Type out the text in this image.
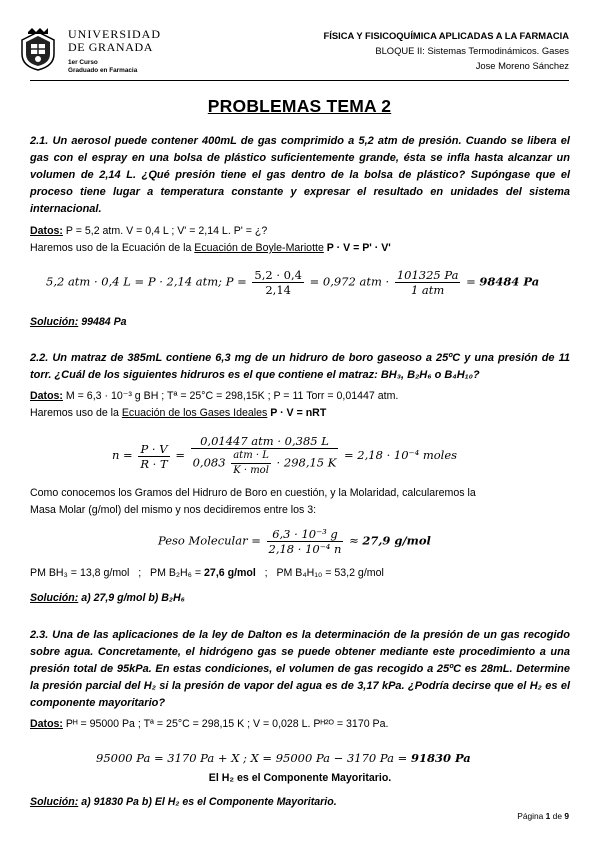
UNIVERSIDAD
DE GRANADA
1er Curso
Graduado en Farmacia
FÍSICA Y FISICOQUÍMICA APLICADAS A LA FARMACIA
BLOQUE II: Sistemas Termodinámicos. Gases
Jose Moreno Sánchez
PROBLEMAS TEMA 2
2.1. Un aerosol puede contener 400mL de gas comprimido a 5,2 atm de presión. Cuando se libera el gas con el espray en una bolsa de plástico suficientemente grande, ésta se infla hasta alcanzar un volumen de 2,14 L. ¿Qué presión tiene el gas dentro de la bolsa de plástico? Supóngase que el proceso tiene lugar a temperatura constante y expresar el resultado en unidades del sistema internacional.
Datos: P = 5,2 atm. V = 0,4 L ; V' = 2,14 L. P' = ¿?
Haremos uso de la Ecuación de la Ecuación de Boyle-Mariotte P · V = P' · V'
5,2 atm · 0,4 L = P · 2,14 atm; $P = \frac{5,2 \cdot 0,4}{2,14} = 0,972$ atm · $\frac{101325 Pa}{\text{1 atm}} = 98484$ Pa
Solución: 99484 Pa
2.2. Un matraz de 385mL contiene 6,3 mg de un hidruro de boro gaseoso a 25ºC y una presión de 11 torr. ¿Cuál de los siguientes hidruros es el que contiene el matraz: BH₃, B₂H₆ o B₄H₁₀?
Datos: M = 6,3 · 10⁻³ g BH ; Tª = 25°C = 298,15K ; P = 11 Torr = 0,01447 atm.
Haremos uso de la Ecuación de los Gases Ideales P · V = nRT
$n = \frac{P \cdot V}{R \cdot T} = \frac{\text{0,01447 atm · 0,385 L}}{0,083 \frac{\text{atm · L}}{\text{K · mol}} \cdot 298,15 K} = 2,18 \cdot 10^{-4}$ moles
Como conocemos los Gramos del Hidruro de Boro en cuestión, y la Molaridad, calcularemos la
Masa Molar (g/mol) del mismo y nos decidiremos entre los 3:
Peso Molecular = $\frac{\text{6,3 · 10⁻³ g}}{\text{2,18 · 10⁻⁴ n}} \approx 27,9$ g/mol
PM BH₃ = 13,8 g/mol   ;   PM B₂H₆ = 27,6 g/mol   ;   PM B₄H₁₀ = 53,2 g/mol
Solución: a) 27,9 g/mol b) B₂H₆
2.3. Una de las aplicaciones de la ley de Dalton es la determinación de la presión de un gas recogido sobre agua. Concretamente, el hidrógeno gas se puede obtener mediante este procedimiento a una presión total de 95kPa. En estas condiciones, el volumen de gas recogido a 25ºC es 28mL. Determine la presión parcial del H₂ si la presión de vapor del agua es de 3,17 kPa. ¿Podría decirse que el H₂ es el componente mayoritario?
Datos: Pᴴ = 95000 Pa ; Tª = 25°C = 298,15 K ; V = 0,028 L. Pᴴ²ᴼ = 3170 Pa.
95000 Pa = 3170 Pa + X ; X = 95000 Pa − 3170 Pa = 91830 Pa
El H₂ es el Componente Mayoritario.
Solución: a) 91830 Pa b) El H₂ es el Componente Mayoritario.
Página 1 de 9
